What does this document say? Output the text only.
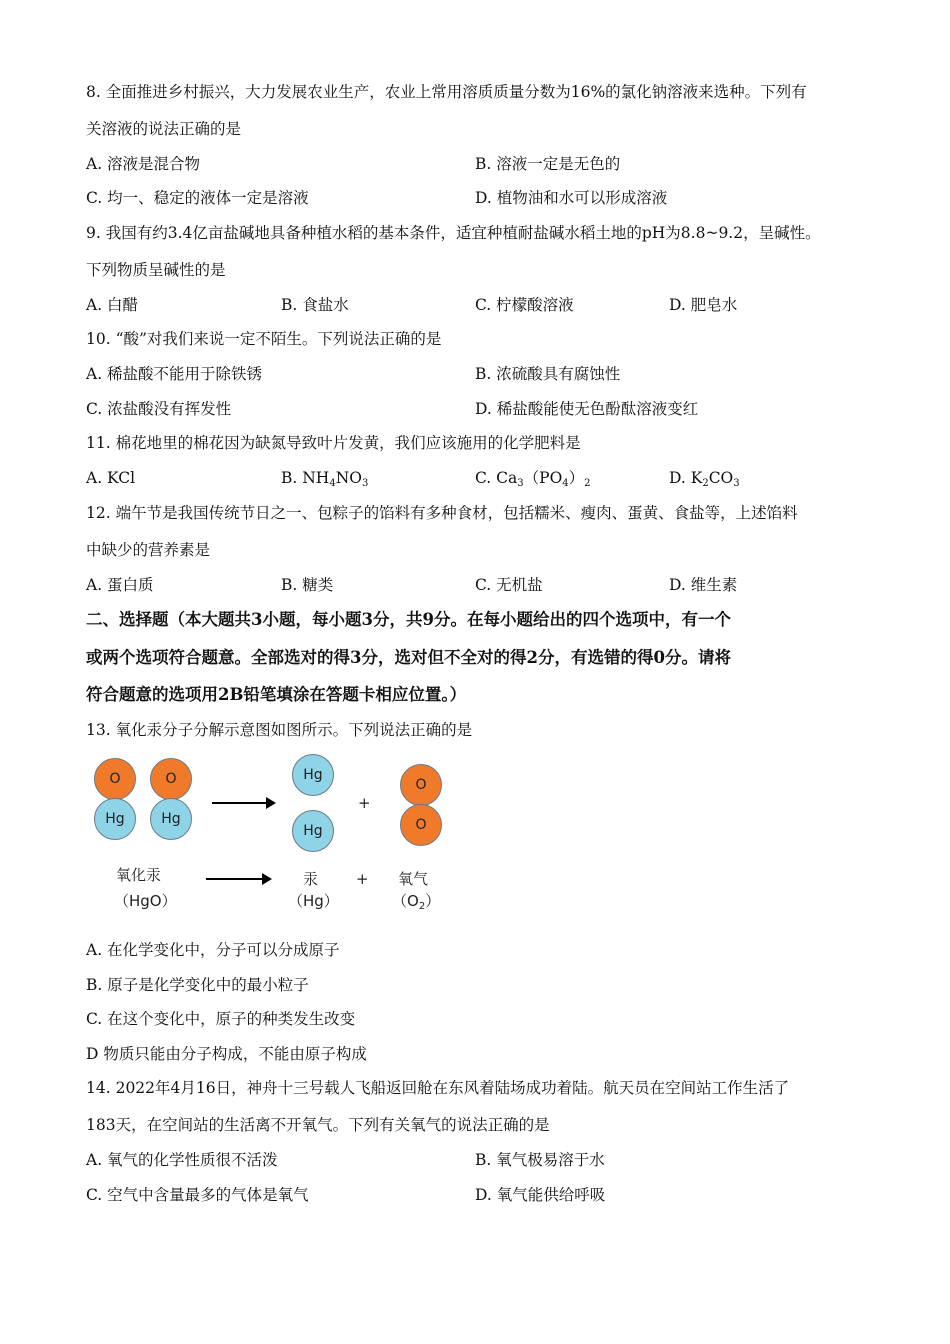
8. 全面推进乡村振兴，大力发展农业生产，农业上常用溶质质量分数为16%的氯化钠溶液来选种。下列有
关溶液的说法正确的是
A. 溶液是混合物	B. 溶液一定是无色的
C. 均一、稳定的液体一定是溶液	D. 植物油和水可以形成溶液
9. 我国有约3.4亿亩盐碱地具备种植水稻的基本条件，适宜种植耐盐碱水稻土地的pH为8.8~9.2，呈碱性。
下列物质呈碱性的是
A. 白醋	B. 食盐水	C. 柠檬酸溶液	D. 肥皂水
10. “酸”对我们来说一定不陌生。下列说法正确的是
A. 稀盐酸不能用于除铁锈	B. 浓硫酸具有腐蚀性
C. 浓盐酸没有挥发性	D. 稀盐酸能使无色酚酞溶液变红
11. 棉花地里的棉花因为缺氮导致叶片发黄，我们应该施用的化学肥料是
A. KCl	B. $NH_4NO_3$	C. $Ca_3(PO_4)_2$	D. $K_2CO_3$
12. 端午节是我国传统节日之一、包粽子的馅料有多种食材，包括糯米、瘦肉、蛋黄、食盐等，上述馅料
中缺少的营养素是
A. 蛋白质	B. 糖类	C. 无机盐	D. 维生素
二、选择题（本大题共3小题，每小题3分，共9分。在每小题给出的四个选项中，有一个
或两个选项符合题意。全部选对的得3分，选对但不全对的得2分，有选错的得0分。请将
符合题意的选项用2B铅笔填涂在答题卡相应位置。）
13. 氧化汞分子分解示意图如图所示。下列说法正确的是
O
Hg
O
Hg
Hg
Hg
+
O
O
氧化汞
（HgO）
汞
（Hg）
+ 氧气
$(O_2)$
A. 在化学变化中，分子可以分成原子
B. 原子是化学变化中的最小粒子
C. 在这个变化中，原子的种类发生改变
D 物质只能由分子构成，不能由原子构成
14. 2022年4月16日，神舟十三号载人飞船返回舱在东风着陆场成功着陆。航天员在空间站工作生活了
183天，在空间站的生活离不开氧气。下列有关氧气的说法正确的是
A. 氧气的化学性质很不活泼	B. 氧气极易溶于水
C. 空气中含量最多的气体是氧气	D. 氧气能供给呼吸
